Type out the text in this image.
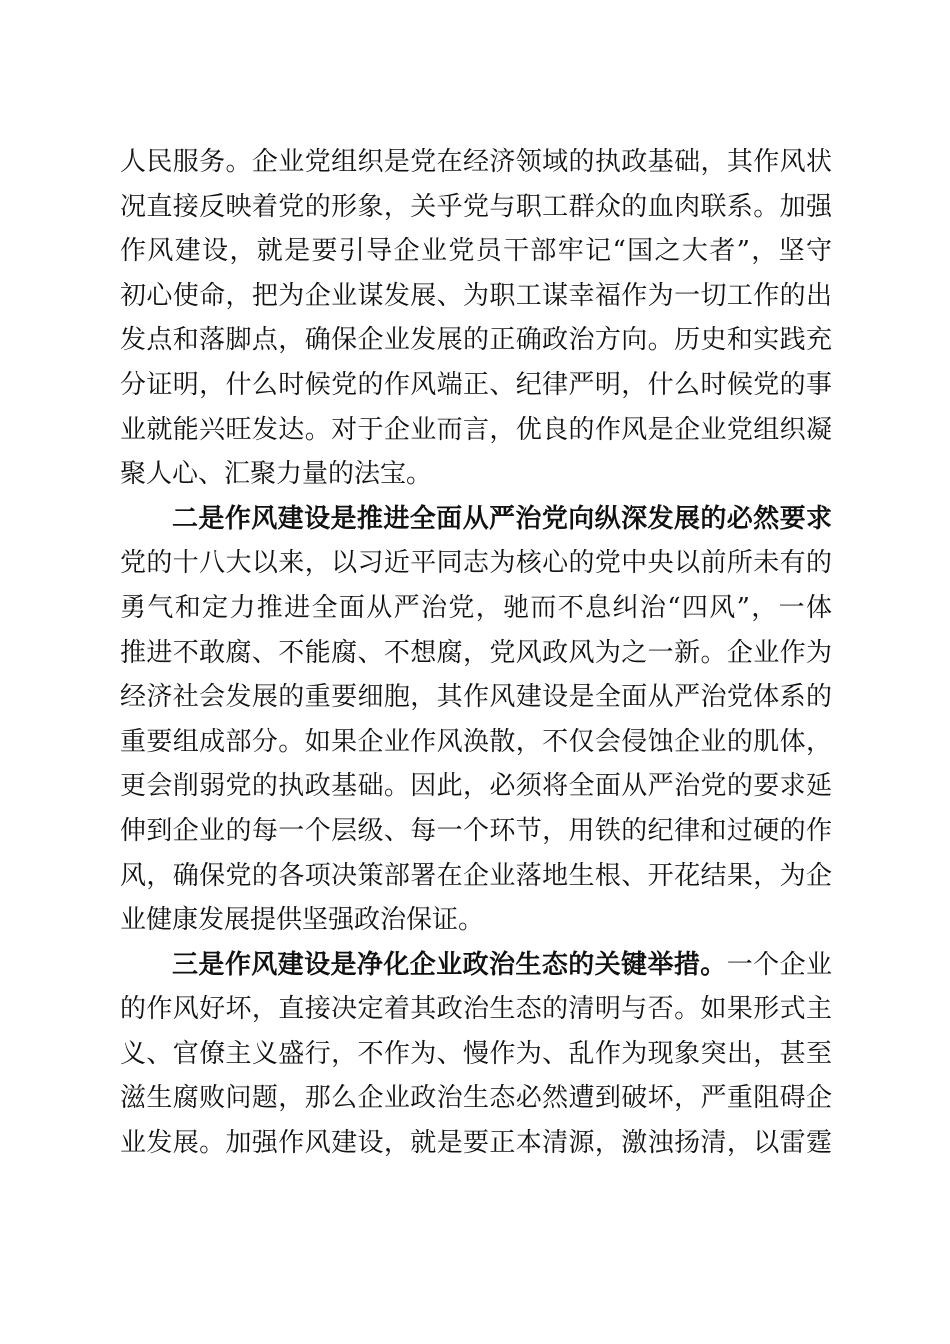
人民服务。企业党组织是党在经济领域的执政基础，其作风状
况直接反映着党的形象，关乎党与职工群众的血肉联系。加强
作风建设，就是要引导企业党员干部牢记“国之大者”，坚守
初心使命，把为企业谋发展、为职工谋幸福作为一切工作的出
发点和落脚点，确保企业发展的正确政治方向。历史和实践充
分证明，什么时候党的作风端正、纪律严明，什么时候党的事
业就能兴旺发达。对于企业而言，优良的作风是企业党组织凝
聚人心、汇聚力量的法宝。
二是作风建设是推进全面从严治党向纵深发展的必然要求
党的十八大以来，以习近平同志为核心的党中央以前所未有的
勇气和定力推进全面从严治党，驰而不息纠治“四风”，一体
推进不敢腐、不能腐、不想腐，党风政风为之一新。企业作为
经济社会发展的重要细胞，其作风建设是全面从严治党体系的
重要组成部分。如果企业作风涣散，不仅会侵蚀企业的肌体，
更会削弱党的执政基础。因此，必须将全面从严治党的要求延
伸到企业的每一个层级、每一个环节，用铁的纪律和过硬的作
风，确保党的各项决策部署在企业落地生根、开花结果，为企
业健康发展提供坚强政治保证。
三是作风建设是净化企业政治生态的关键举措。一个企业
的作风好坏，直接决定着其政治生态的清明与否。如果形式主
义、官僚主义盛行，不作为、慢作为、乱作为现象突出，甚至
滋生腐败问题，那么企业政治生态必然遭到破坏，严重阻碍企
业发展。加强作风建设，就是要正本清源，激浊扬清，以雷霆
